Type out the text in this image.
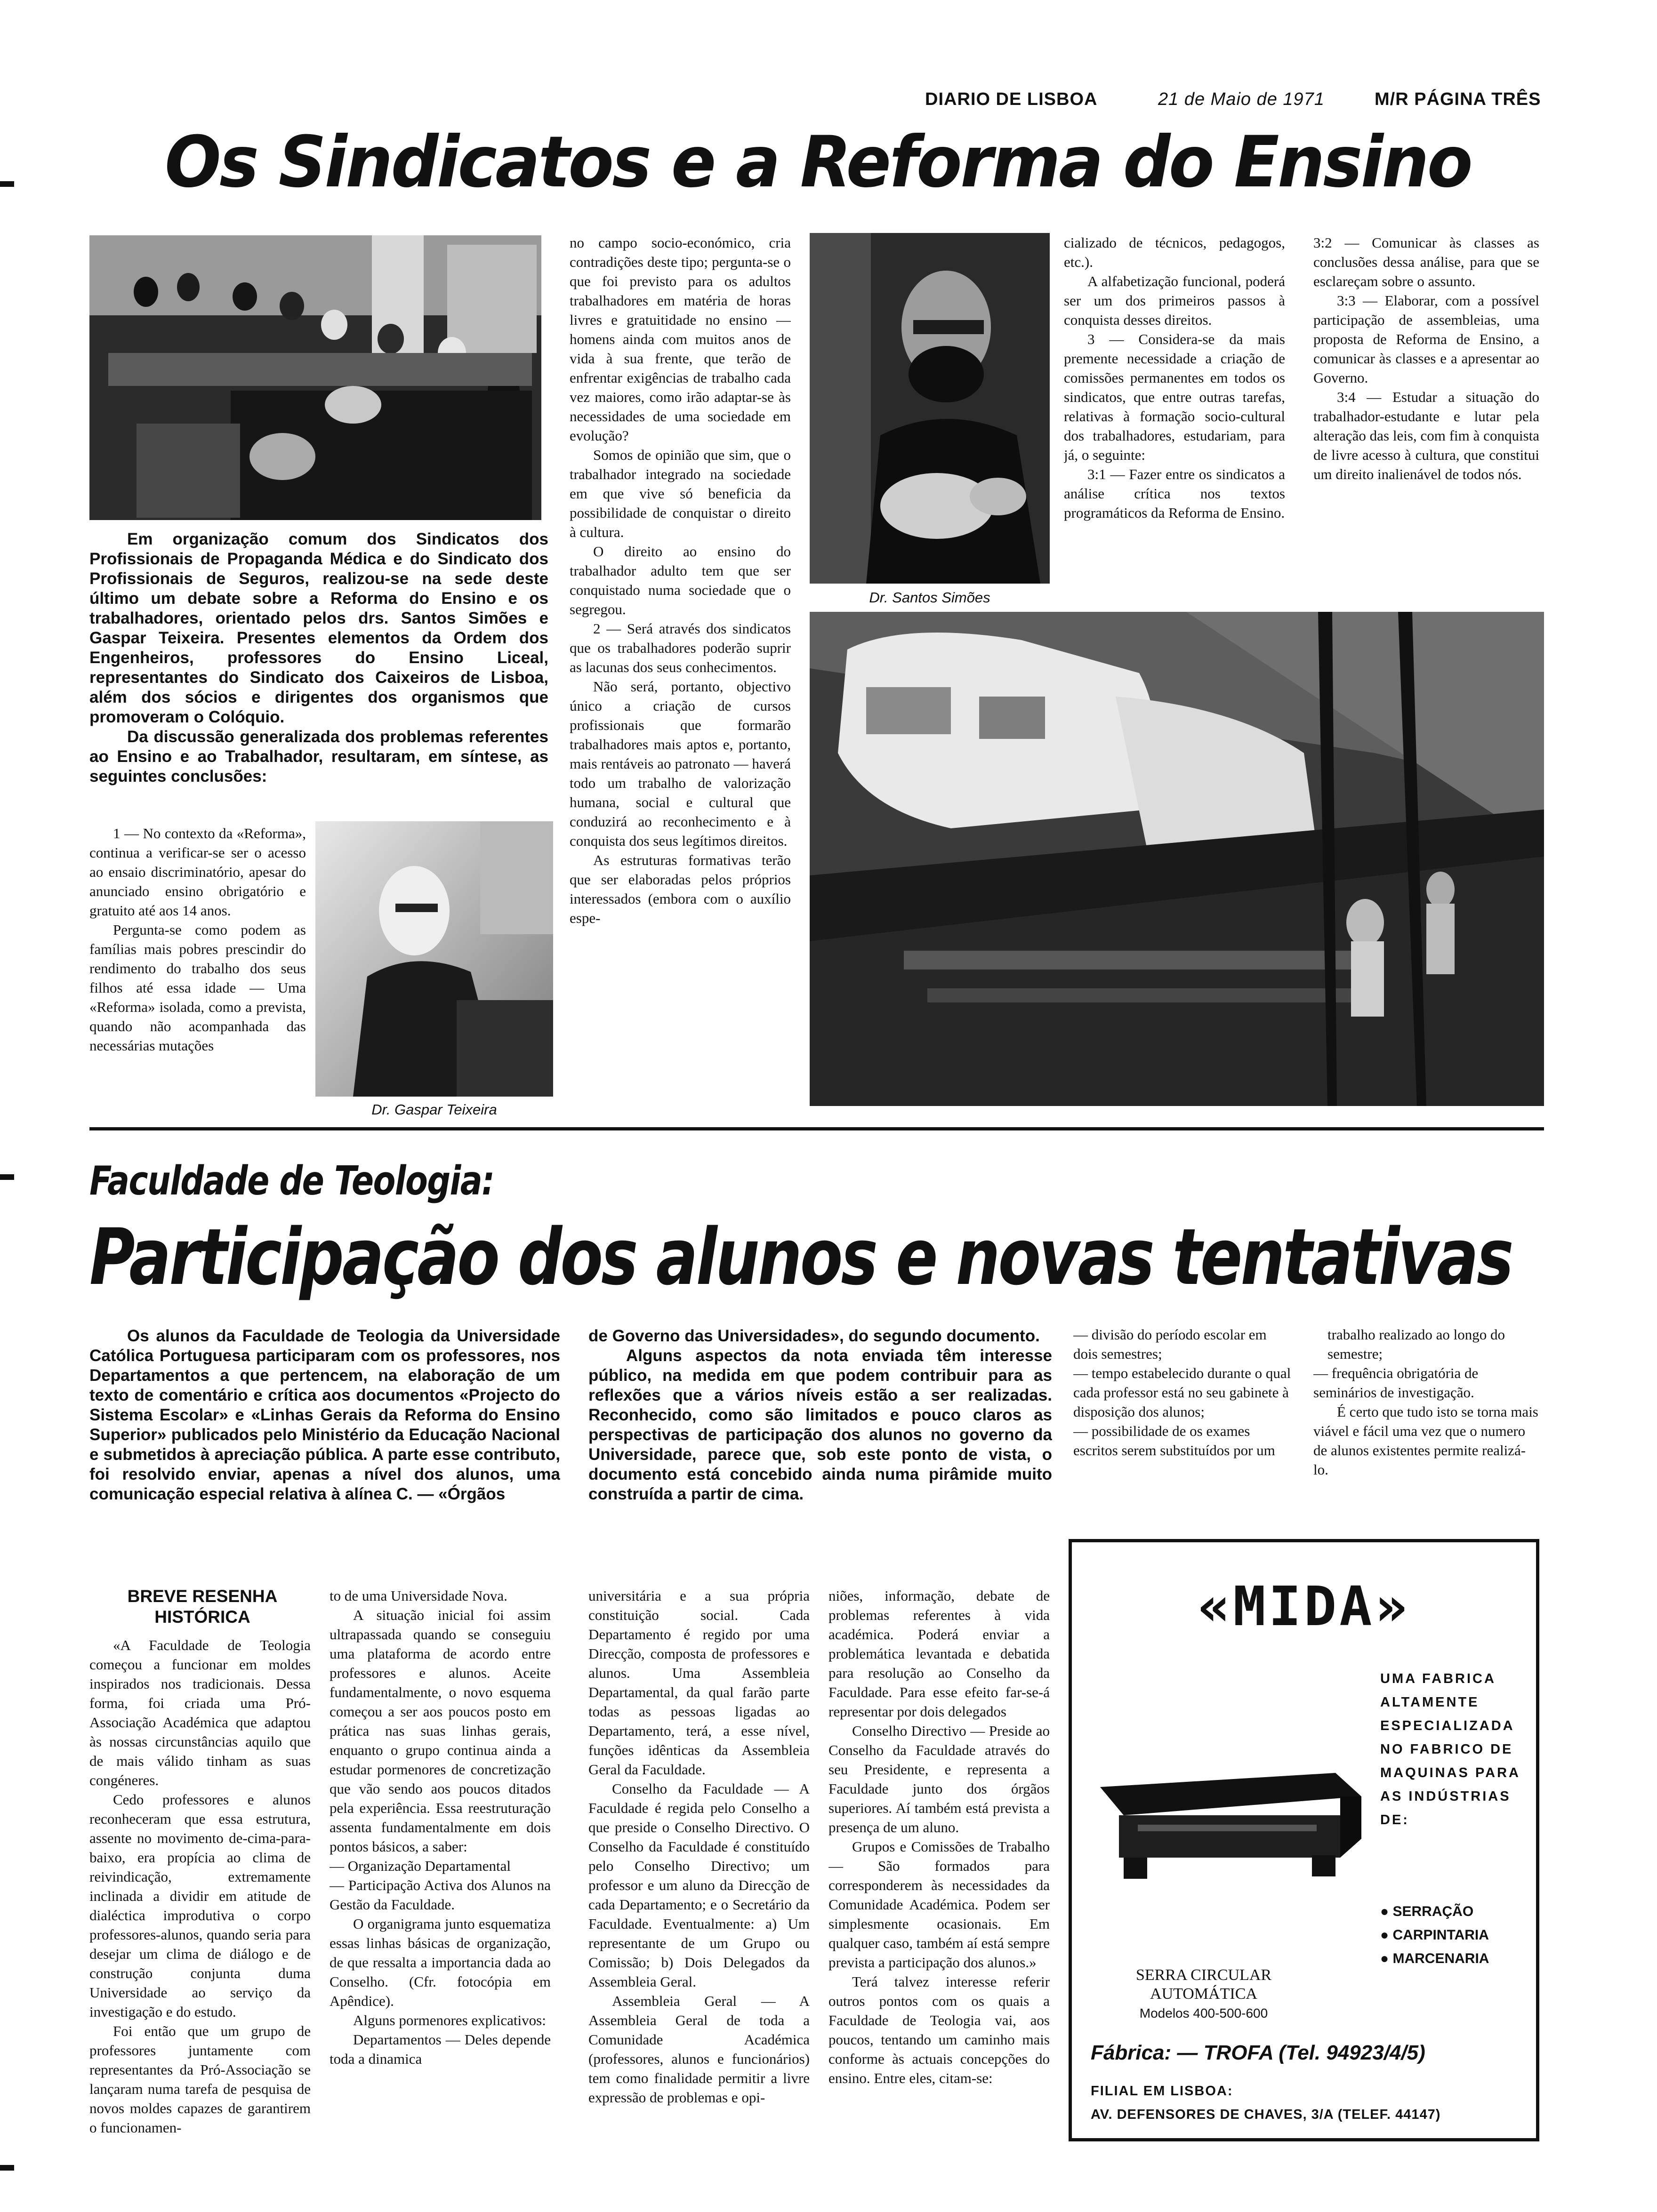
DIARIO DE LISBOA	21 de Maio de 1971	M/R PÁGINA TRÊS
Os Sindicatos e a Reforma do Ensino

Em organização comum dos Sindicatos dos Profissionais de Propaganda Médica e do Sindicato dos Profissionais de Seguros, realizou-se na sede deste último um debate sobre a Reforma do Ensino e os trabalhadores, orientado pelos drs. Santos Simões e Gaspar Teixeira. Presentes elementos da Ordem dos Engenheiros, professores do Ensino Liceal, representantes do Sindicato dos Caixeiros de Lisboa, além dos sócios e dirigentes dos organismos que promoveram o Colóquio.

Da discussão generalizada dos problemas referentes ao Ensino e ao Trabalhador, resultaram, em síntese, as seguintes conclusões:

1 — No contexto da «Reforma», continua a verificar-se ser o acesso ao ensaio discriminatório, apesar do anunciado ensino obrigatório e gratuito até aos 14 anos.

Pergunta-se como podem as famílias mais pobres prescindir do rendimento do trabalho dos seus filhos até essa idade — Uma «Reforma» isolada, como a prevista, quando não acompanhada das necessárias mutações

Dr. Gaspar Teixeira

no campo socio-económico, cria contradições deste tipo; pergunta-se o que foi previsto para os adultos trabalhadores em matéria de horas livres e gratuitidade no ensino — homens ainda com muitos anos de vida à sua frente, que terão de enfrentar exigências de trabalho cada vez maiores, como irão adaptar-se às necessidades de uma sociedade em evolução?

Somos de opinião que sim, que o trabalhador integrado na sociedade em que vive só beneficia da possibilidade de conquistar o direito à cultura.

O direito ao ensino do trabalhador adulto tem que ser conquistado numa sociedade que o segregou.

2 — Será através dos sindicatos que os trabalhadores poderão suprir as lacunas dos seus conhecimentos.

Não será, portanto, objectivo único a criação de cursos profissionais que formarão trabalhadores mais aptos e, portanto, mais rentáveis ao patronato — haverá todo um trabalho de valorização humana, social e cultural que conduzirá ao reconhecimento e à conquista dos seus legítimos direitos.

As estruturas formativas terão que ser elaboradas pelos próprios interessados (embora com o auxílio espe-

Dr. Santos Simões

cializado de técnicos, pedagogos, etc.).

A alfabetização funcional, poderá ser um dos primeiros passos à conquista desses direitos.

3 — Considera-se da mais premente necessidade a criação de comissões permanentes em todos os sindicatos, que entre outras tarefas, relativas à formação socio-cultural dos trabalhadores, estudariam, para já, o seguinte:

3:1 — Fazer entre os sindicatos a análise crítica nos textos programáticos da Reforma de Ensino.

3:2 — Comunicar às classes as conclusões dessa análise, para que se esclareçam sobre o assunto.

3:3 — Elaborar, com a possível participação de assembleias, uma proposta de Reforma de Ensino, a comunicar às classes e a apresentar ao Governo.

3:4 — Estudar a situação do trabalhador-estudante e lutar pela alteração das leis, com fim à conquista de livre acesso à cultura, que constitui um direito inalienável de todos nós.

Faculdade de Teologia:
Participação dos alunos e novas tentativas

Os alunos da Faculdade de Teologia da Universidade Católica Portuguesa participaram com os professores, nos Departamentos a que pertencem, na elaboração de um texto de comentário e crítica aos documentos «Projecto do Sistema Escolar» e «Linhas Gerais da Reforma do Ensino Superior» publicados pelo Ministério da Educação Nacional e submetidos à apreciação pública. A parte esse contributo, foi resolvido enviar, apenas a nível dos alunos, uma comunicação especial relativa à alínea C. — «Órgãos

de Governo das Universidades», do segundo documento.

Alguns aspectos da nota enviada têm interesse público, na medida em que podem contribuir para as reflexões que a vários níveis estão a ser realizadas. Reconhecido, como são limitados e pouco claros as perspectivas de participação dos alunos no governo da Universidade, parece que, sob este ponto de vista, o documento está concebido ainda numa pirâmide muito construída a partir de cima.

— divisão do período escolar em dois semestres;

— tempo estabelecido durante o qual cada professor está no seu gabinete à disposição dos alunos;

— possibilidade de os exames escritos serem substituídos por um

trabalho realizado ao longo do semestre;

— frequência obrigatória de seminários de investigação.

É certo que tudo isto se torna mais viável e fácil uma vez que o numero de alunos existentes permite realizá-lo.

BREVE RESENHA HISTÓRICA

«A Faculdade de Teologia começou a funcionar em moldes inspirados nos tradicionais. Dessa forma, foi criada uma Pró-Associação Académica que adaptou às nossas circunstâncias aquilo que de mais válido tinham as suas congéneres.

Cedo professores e alunos reconheceram que essa estrutura, assente no movimento de-cima-para-baixo, era propícia ao clima de reivindicação, extremamente inclinada a dividir em atitude de dialéctica improdutiva o corpo professores-alunos, quando seria para desejar um clima de diálogo e de construção conjunta duma Universidade ao serviço da investigação e do estudo.

Foi então que um grupo de professores juntamente com representantes da Pró-Associação se lançaram numa tarefa de pesquisa de novos moldes capazes de garantirem o funcionamen-

to de uma Universidade Nova.

A situação inicial foi assim ultrapassada quando se conseguiu uma plataforma de acordo entre professores e alunos. Aceite fundamentalmente, o novo esquema começou a ser aos poucos posto em prática nas suas linhas gerais, enquanto o grupo continua ainda a estudar pormenores de concretização que vão sendo aos poucos ditados pela experiência. Essa reestruturação assenta fundamentalmente em dois pontos básicos, a saber:

— Organização Departamental

— Participação Activa dos Alunos na Gestão da Faculdade.

O organigrama junto esquematiza essas linhas básicas de organização, de que ressalta a importancia dada ao Conselho. (Cfr. fotocópia em Apêndice).

Alguns pormenores explicativos:

Departamentos — Deles depende toda a dinamica

universitária e a sua própria constituição social. Cada Departamento é regido por uma Direcção, composta de professores e alunos. Uma Assembleia Departamental, da qual farão parte todas as pessoas ligadas ao Departamento, terá, a esse nível, funções idênticas da Assembleia Geral da Faculdade.

Conselho da Faculdade — A Faculdade é regida pelo Conselho a que preside o Conselho Directivo. O Conselho da Faculdade é constituído pelo Conselho Directivo; um professor e um aluno da Direcção de cada Departamento; e o Secretário da Faculdade. Eventualmente: a) Um representante de um Grupo ou Comissão; b) Dois Delegados da Assembleia Geral.

Assembleia Geral — A Assembleia Geral de toda a Comunidade Académica (professores, alunos e funcionários) tem como finalidade permitir a livre expressão de problemas e opi-

niões, informação, debate de problemas referentes à vida académica. Poderá enviar a problemática levantada e debatida para resolução ao Conselho da Faculdade. Para esse efeito far-se-á representar por dois delegados

Conselho Directivo — Preside ao Conselho da Faculdade através do seu Presidente, e representa a Faculdade junto dos órgãos superiores. Aí também está prevista a presença de um aluno.

Grupos e Comissões de Trabalho — São formados para corresponderem às necessidades da Comunidade Académica. Podem ser simplesmente ocasionais. Em qualquer caso, também aí está sempre prevista a participação dos alunos.»

Terá talvez interesse referir outros pontos com os quais a Faculdade de Teologia vai, aos poucos, tentando um caminho mais conforme às actuais concepções do ensino. Entre eles, citam-se:

«MIDA»
UMA FABRICA ALTAMENTE ESPECIALIZADA NO FABRICO DE MAQUINAS PARA AS INDÚSTRIAS DE:
● SERRAÇÃO
● CARPINTARIA
● MARCENARIA
SERRA CIRCULAR AUTOMÁTICA
Modelos 400-500-600
Fábrica: — TROFA (Tel. 94923/4/5)
FILIAL EM LISBOA:
AV. DEFENSORES DE CHAVES, 3/A (TELEF. 44147)
